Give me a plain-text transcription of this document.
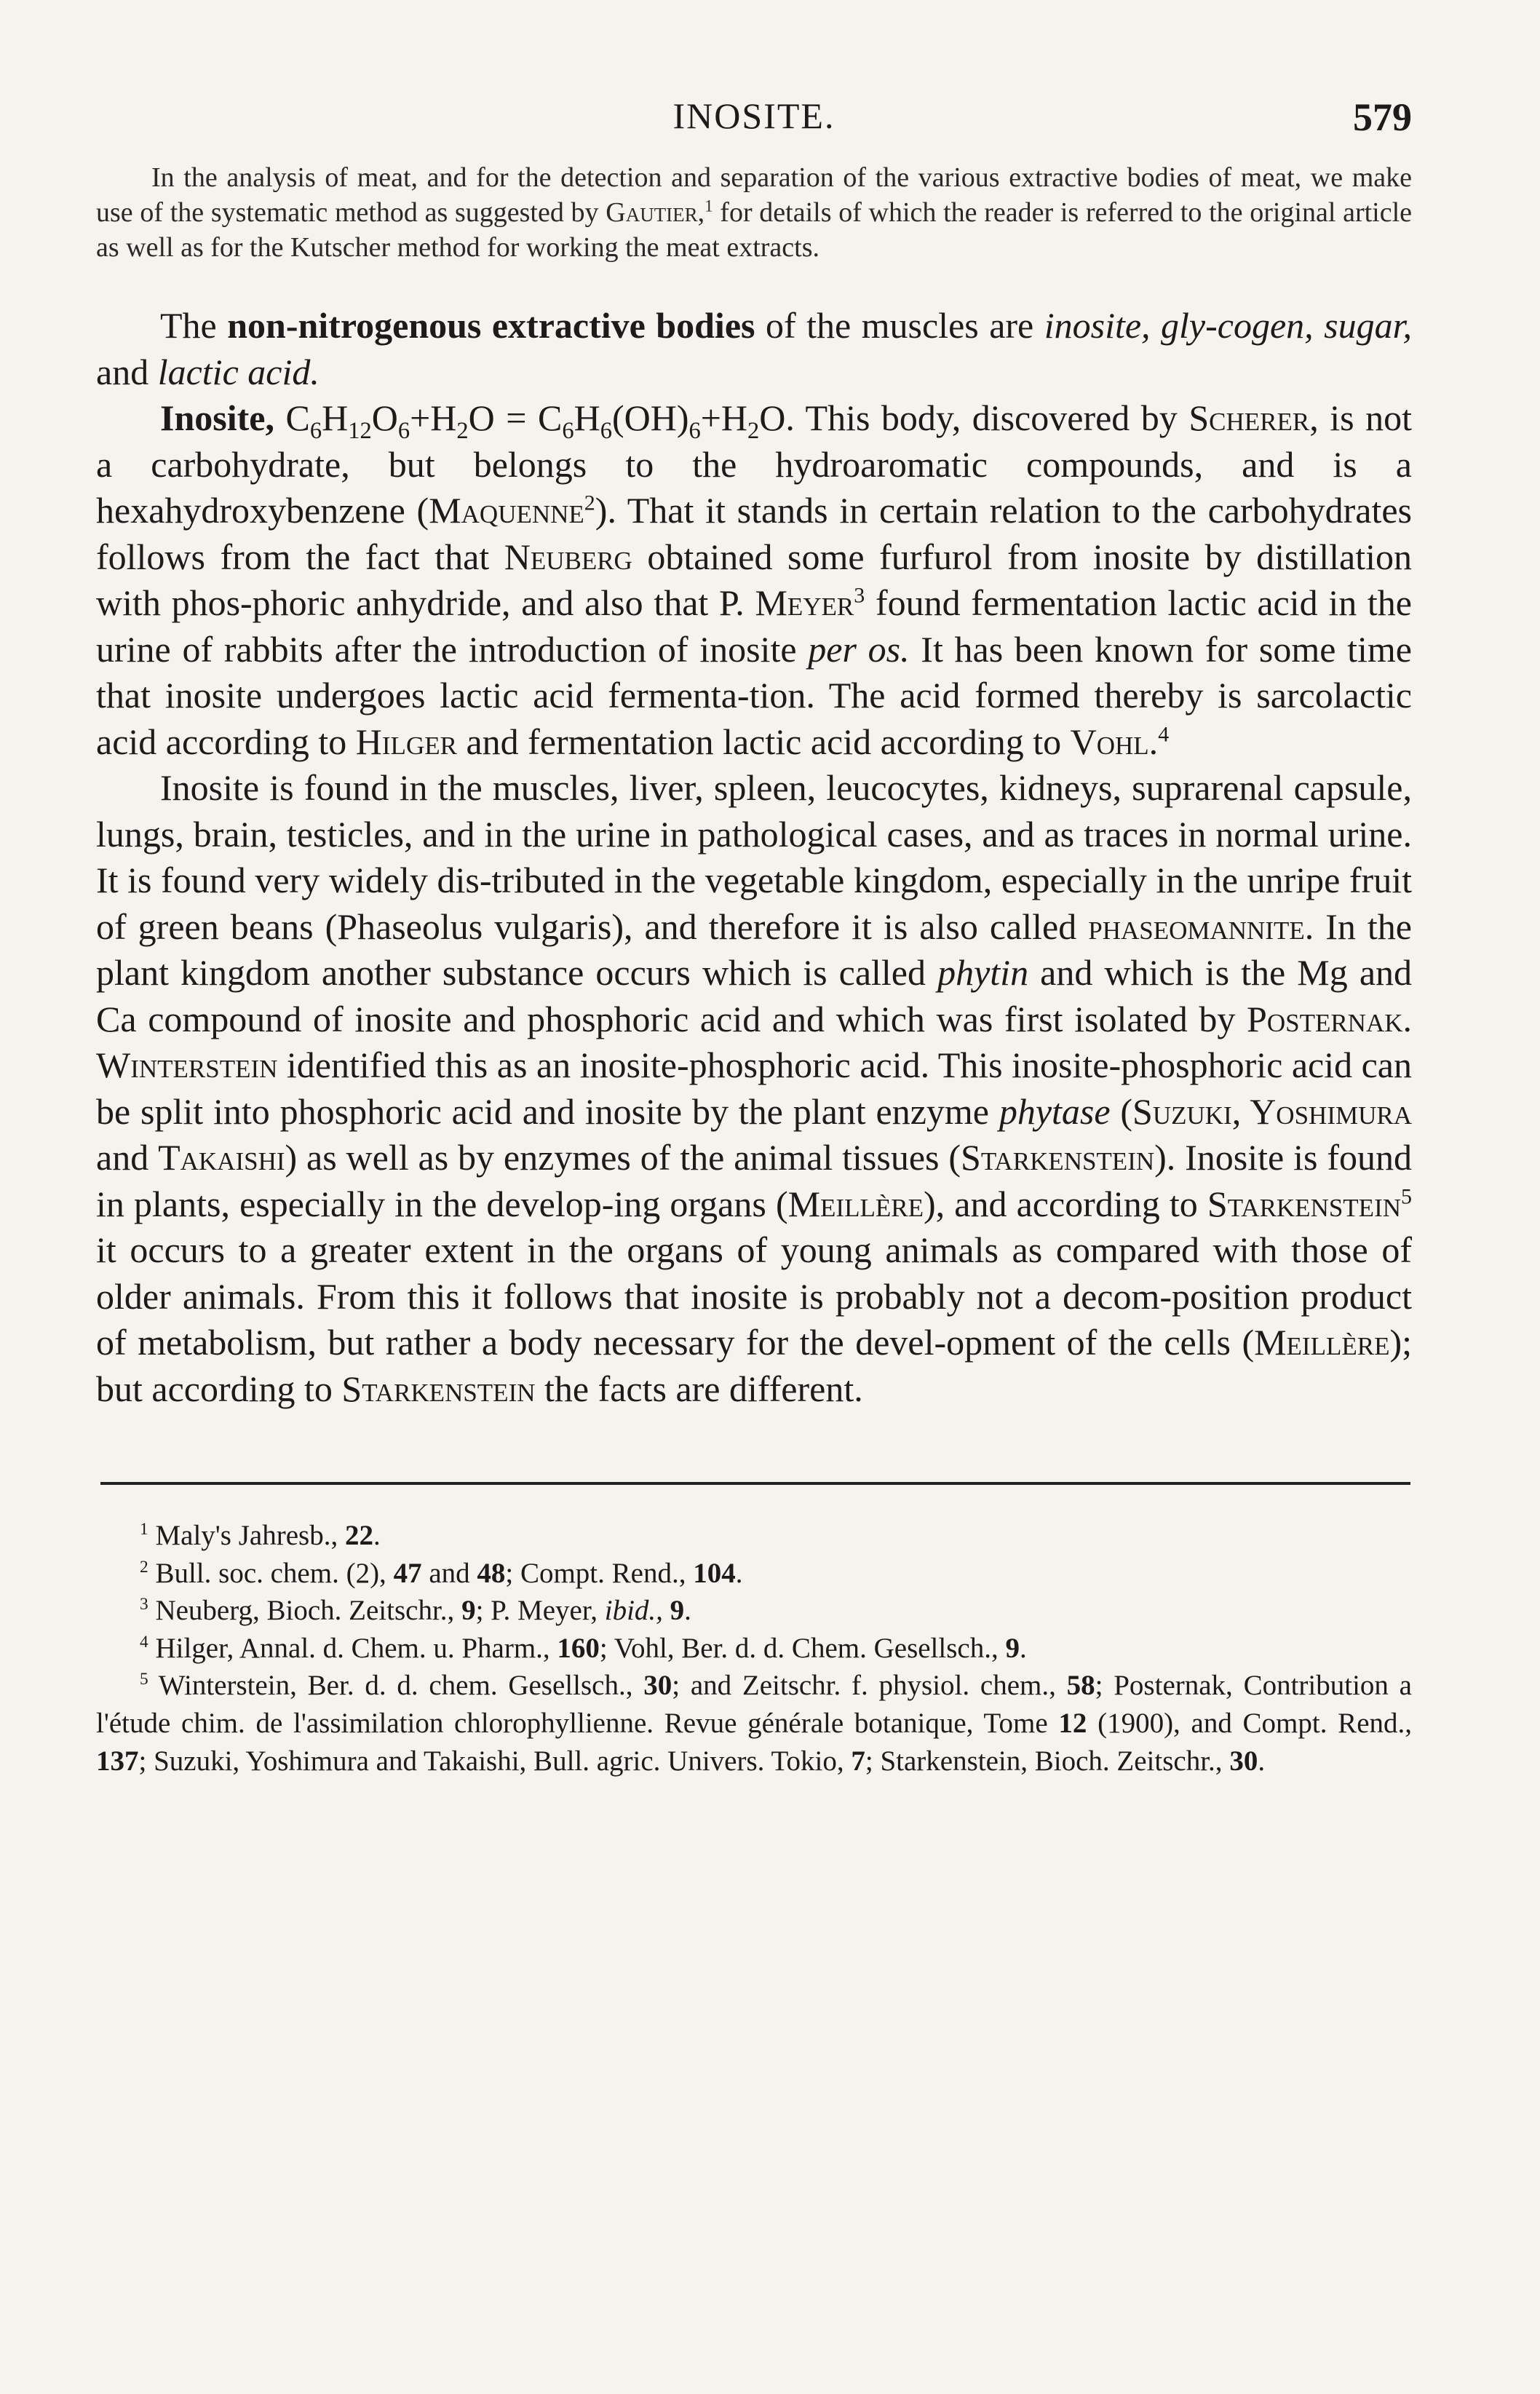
INOSITE.	579

In the analysis of meat, and for the detection and separation of the various extractive bodies of meat, we make use of the systematic method as suggested by Gautier,$^1$ for details of which the reader is referred to the original article as well as for the Kutscher method for working the meat extracts.

The non-nitrogenous extractive bodies of the muscles are inosite, gly-cogen, sugar, and lactic acid.

Inosite, $C_6H_{12}O_6+H_2O = C_6H_6(OH)_6+H_2O$. This body, discovered by Scherer, is not a carbohydrate, but belongs to the hydroaromatic compounds, and is a hexahydroxybenzene (Maquenne$^2$). That it stands in certain relation to the carbohydrates follows from the fact that Neuberg obtained some furfurol from inosite by distillation with phos-phoric anhydride, and also that P. Meyer$^3$ found fermentation lactic acid in the urine of rabbits after the introduction of inosite per os. It has been known for some time that inosite undergoes lactic acid fermenta-tion. The acid formed thereby is sarcolactic acid according to Hilger and fermentation lactic acid according to Vohl.$^4$

Inosite is found in the muscles, liver, spleen, leucocytes, kidneys, suprarenal capsule, lungs, brain, testicles, and in the urine in pathological cases, and as traces in normal urine. It is found very widely dis-tributed in the vegetable kingdom, especially in the unripe fruit of green beans (Phaseolus vulgaris), and therefore it is also called phaseomannite. In the plant kingdom another substance occurs which is called phytin and which is the Mg and Ca compound of inosite and phosphoric acid and which was first isolated by Posternak. Winterstein identified this as an inosite-phosphoric acid. This inosite-phosphoric acid can be split into phosphoric acid and inosite by the plant enzyme phytase (Suzuki, Yoshimura and Takaishi) as well as by enzymes of the animal tissues (Starkenstein). Inosite is found in plants, especially in the develop-ing organs (Meillère), and according to Starkenstein$^5$ it occurs to a greater extent in the organs of young animals as compared with those of older animals. From this it follows that inosite is probably not a decom-position product of metabolism, but rather a body necessary for the devel-opment of the cells (Meillère); but according to Starkenstein the facts are different.

$^1$ Maly's Jahresb., 22.

$^2$ Bull. soc. chem. (2), 47 and 48; Compt. Rend., 104.

$^3$ Neuberg, Bioch. Zeitschr., 9; P. Meyer, ibid., 9.

$^4$ Hilger, Annal. d. Chem. u. Pharm., 160; Vohl, Ber. d. d. Chem. Gesellsch., 9.

$^5$ Winterstein, Ber. d. d. chem. Gesellsch., 30; and Zeitschr. f. physiol. chem., 58; Posternak, Contribution a l'étude chim. de l'assimilation chlorophyllienne. Revue générale botanique, Tome 12 (1900), and Compt. Rend., 137; Suzuki, Yoshimura and Takaishi, Bull. agric. Univers. Tokio, 7; Starkenstein, Bioch. Zeitschr., 30.
